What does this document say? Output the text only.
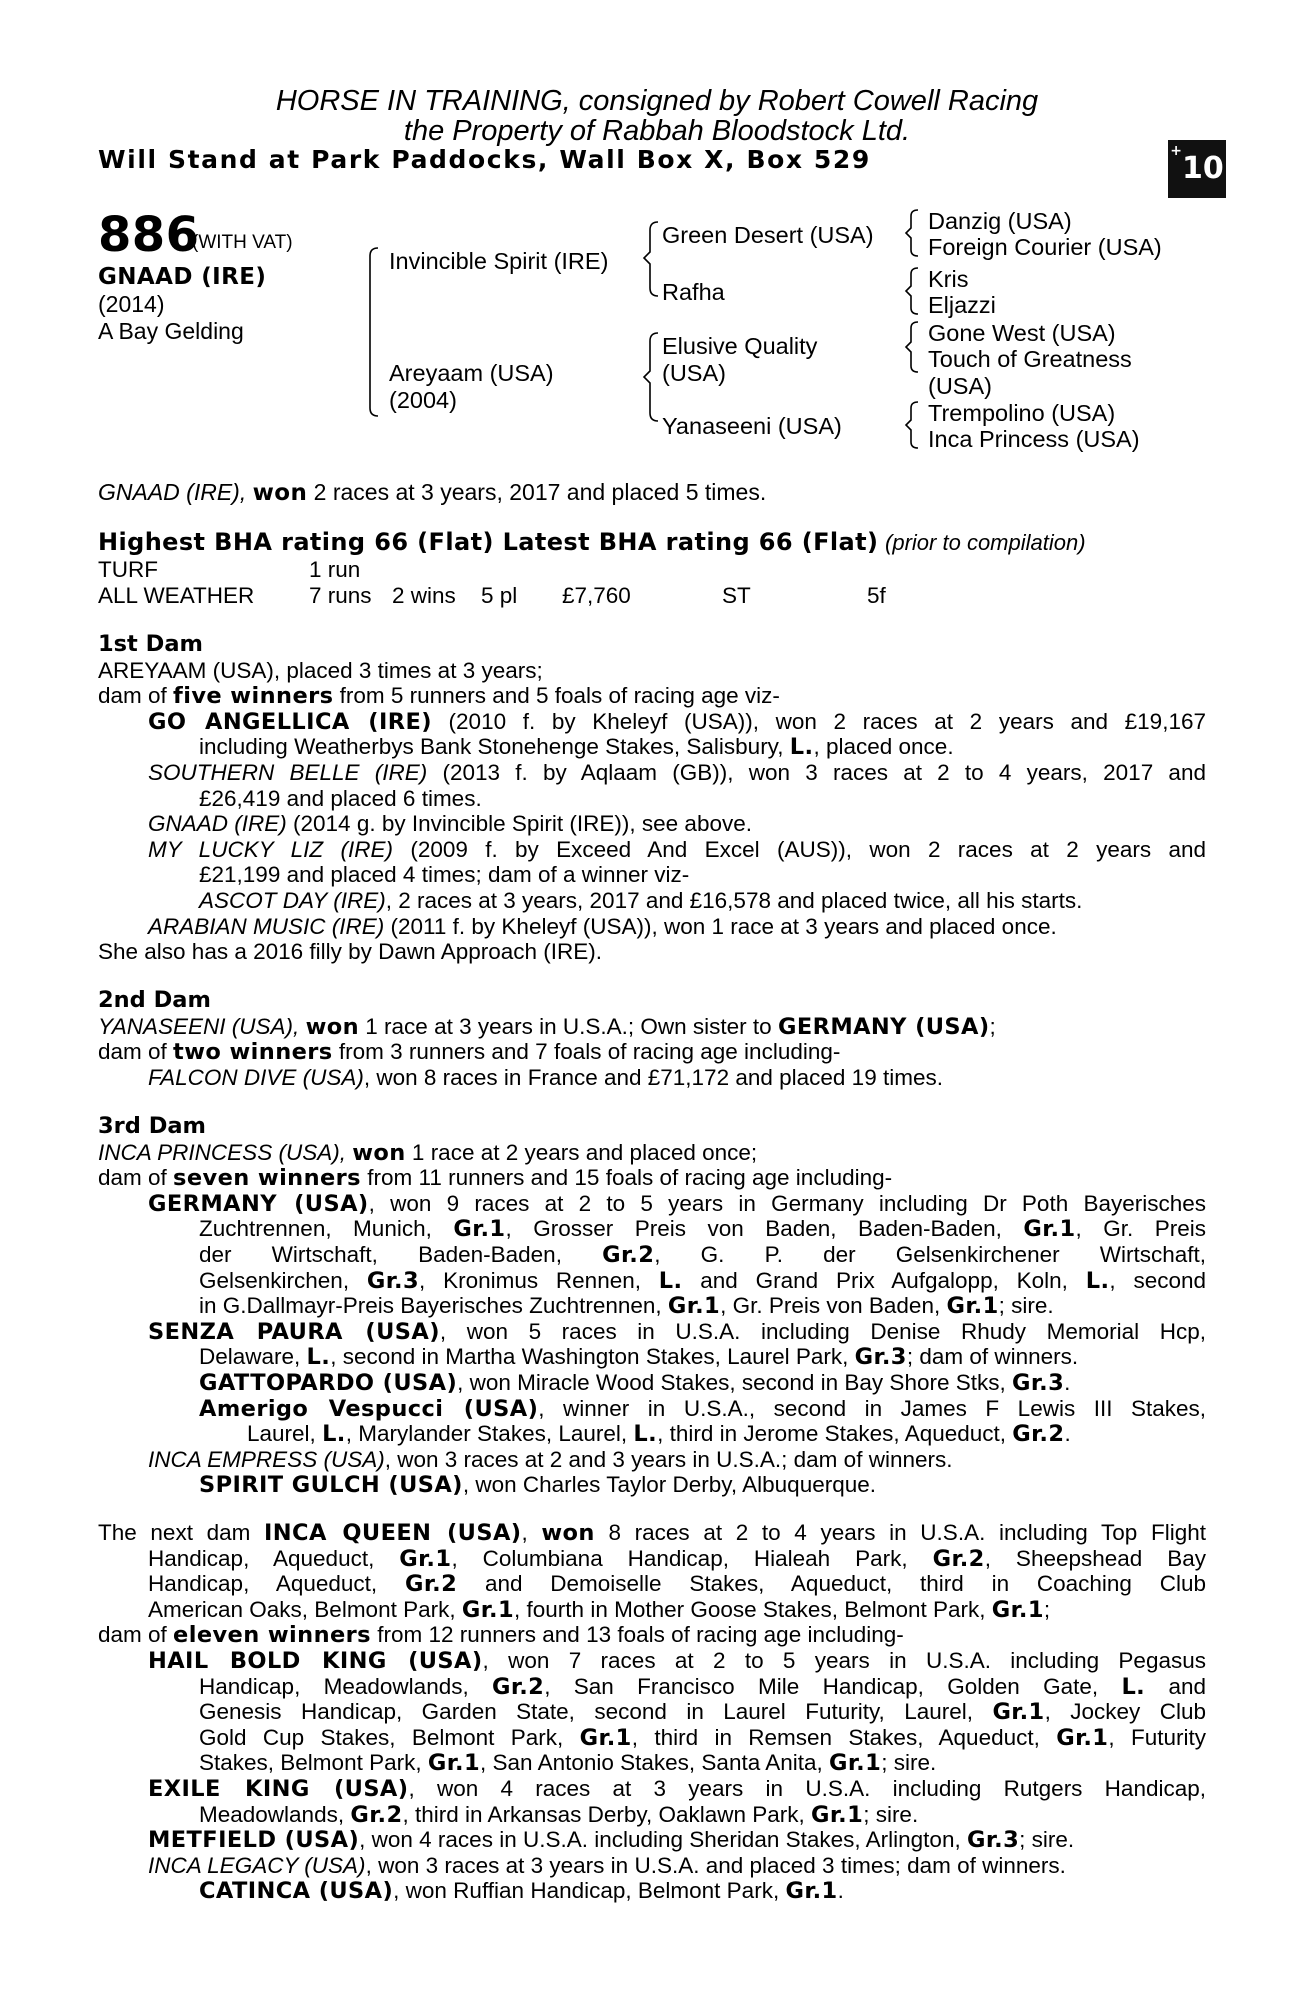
HORSE IN TRAINING, consigned by Robert Cowell Racing
the Property of Rabbah Bloodstock Ltd.
Will Stand at Park Paddocks, Wall Box X, Box 529	+10
886
(WITH VAT)
GNAAD (IRE)
(2014)
A Bay Gelding
Invincible Spirit (IRE)
Areyaam (USA)
(2004)
Green Desert (USA)
Rafha
Elusive Quality
(USA)
Yanaseeni (USA)
Danzig (USA)
Foreign Courier (USA)
Kris
Eljazzi
Gone West (USA)
Touch of Greatness
(USA)
Trempolino (USA)
Inca Princess (USA)
GNAAD (IRE), won 2 races at 3 years, 2017 and placed 5 times.
Highest BHA rating 66 (Flat) Latest BHA rating 66 (Flat) (prior to compilation)
TURF	1 run
ALL WEATHER 7 runs 2 wins 5 pl £7,760	ST	5f
1st Dam
AREYAAM (USA), placed 3 times at 3 years;
dam of five winners from 5 runners and 5 foals of racing age viz-
GO ANGELLICA (IRE) (2010 f. by Kheleyf (USA)), won 2 races at 2 years and £19,167
including Weatherbys Bank Stonehenge Stakes, Salisbury, L., placed once.
SOUTHERN BELLE (IRE) (2013 f. by Aqlaam (GB)), won 3 races at 2 to 4 years, 2017 and
£26,419 and placed 6 times.
GNAAD (IRE) (2014 g. by Invincible Spirit (IRE)), see above.
MY LUCKY LIZ (IRE) (2009 f. by Exceed And Excel (AUS)), won 2 races at 2 years and
£21,199 and placed 4 times; dam of a winner viz-
ASCOT DAY (IRE), 2 races at 3 years, 2017 and £16,578 and placed twice, all his starts.
ARABIAN MUSIC (IRE) (2011 f. by Kheleyf (USA)), won 1 race at 3 years and placed once.
She also has a 2016 filly by Dawn Approach (IRE).
2nd Dam
YANASEENI (USA), won 1 race at 3 years in U.S.A.; Own sister to GERMANY (USA);
dam of two winners from 3 runners and 7 foals of racing age including-
FALCON DIVE (USA), won 8 races in France and £71,172 and placed 19 times.
3rd Dam
INCA PRINCESS (USA), won 1 race at 2 years and placed once;
dam of seven winners from 11 runners and 15 foals of racing age including-
GERMANY (USA), won 9 races at 2 to 5 years in Germany including Dr Poth Bayerisches
Zuchtrennen, Munich, Gr.1, Grosser Preis von Baden, Baden-Baden, Gr.1, Gr. Preis
der Wirtschaft, Baden-Baden, Gr.2, G. P. der Gelsenkirchener Wirtschaft,
Gelsenkirchen, Gr.3, Kronimus Rennen, L. and Grand Prix Aufgalopp, Koln, L., second
in G.Dallmayr-Preis Bayerisches Zuchtrennen, Gr.1, Gr. Preis von Baden, Gr.1; sire.
SENZA PAURA (USA), won 5 races in U.S.A. including Denise Rhudy Memorial Hcp,
Delaware, L., second in Martha Washington Stakes, Laurel Park, Gr.3; dam of winners.
GATTOPARDO (USA), won Miracle Wood Stakes, second in Bay Shore Stks, Gr.3.
Amerigo Vespucci (USA), winner in U.S.A., second in James F Lewis III Stakes,
Laurel, L., Marylander Stakes, Laurel, L., third in Jerome Stakes, Aqueduct, Gr.2.
INCA EMPRESS (USA), won 3 races at 2 and 3 years in U.S.A.; dam of winners.
SPIRIT GULCH (USA), won Charles Taylor Derby, Albuquerque.
The next dam INCA QUEEN (USA), won 8 races at 2 to 4 years in U.S.A. including Top Flight
Handicap, Aqueduct, Gr.1, Columbiana Handicap, Hialeah Park, Gr.2, Sheepshead Bay
Handicap, Aqueduct, Gr.2 and Demoiselle Stakes, Aqueduct, third in Coaching Club
American Oaks, Belmont Park, Gr.1, fourth in Mother Goose Stakes, Belmont Park, Gr.1;
dam of eleven winners from 12 runners and 13 foals of racing age including-
HAIL BOLD KING (USA), won 7 races at 2 to 5 years in U.S.A. including Pegasus
Handicap, Meadowlands, Gr.2, San Francisco Mile Handicap, Golden Gate, L. and
Genesis Handicap, Garden State, second in Laurel Futurity, Laurel, Gr.1, Jockey Club
Gold Cup Stakes, Belmont Park, Gr.1, third in Remsen Stakes, Aqueduct, Gr.1, Futurity
Stakes, Belmont Park, Gr.1, San Antonio Stakes, Santa Anita, Gr.1; sire.
EXILE KING (USA), won 4 races at 3 years in U.S.A. including Rutgers Handicap,
Meadowlands, Gr.2, third in Arkansas Derby, Oaklawn Park, Gr.1; sire.
METFIELD (USA), won 4 races in U.S.A. including Sheridan Stakes, Arlington, Gr.3; sire.
INCA LEGACY (USA), won 3 races at 3 years in U.S.A. and placed 3 times; dam of winners.
CATINCA (USA), won Ruffian Handicap, Belmont Park, Gr.1.
